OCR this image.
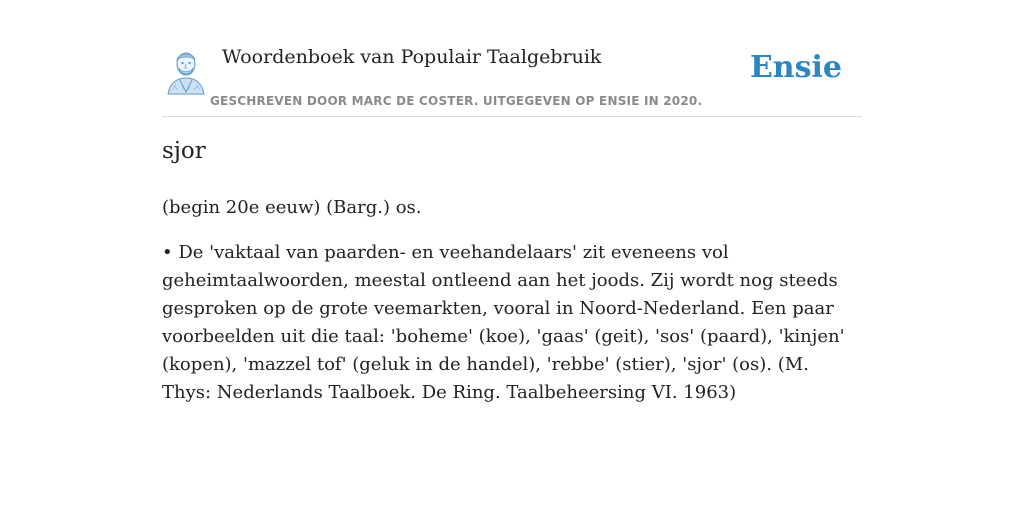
Woordenboek van Populair Taalgebruik
GESCHREVEN DOOR MARC DE COSTER. UITGEGEVEN OP ENSIE IN 2020.
Ensie
sjor

(begin 20e eeuw) (Barg.) os.

• De 'vaktaal van paarden- en veehandelaars' zit eveneens vol geheimtaalwoorden, meestal ontleend aan het joods. Zij wordt nog steeds gesproken op de grote veemarkten, vooral in Noord-Nederland. Een paar voorbeelden uit die taal: 'boheme' (koe), 'gaas' (geit), 'sos' (paard), 'kinjen' (kopen), 'mazzel tof' (geluk in de handel), 'rebbe' (stier), 'sjor' (os). (M. Thys: Nederlands Taalboek. De Ring. Taalbeheersing VI. 1963)
